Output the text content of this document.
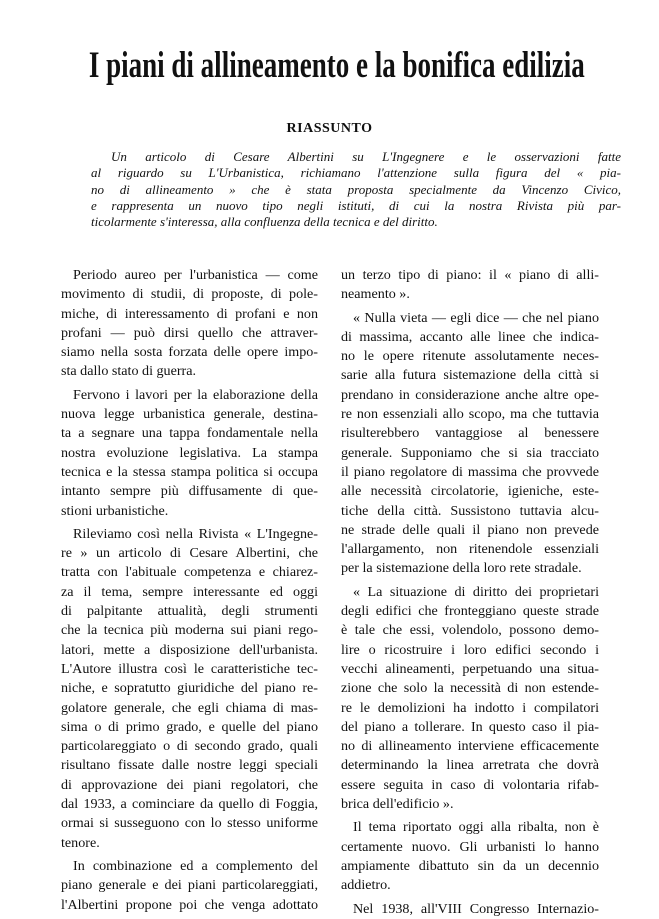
I piani di allineamento e la bonifica edilizia
RIASSUNTO
Un articolo di Cesare Albertini su L'Ingegnere e le osservazioni fatte
al riguardo su L'Urbanistica, richiamano l'attenzione sulla figura del « pia-
no di allineamento » che è stata proposta specialmente da Vincenzo Civico,
e rappresenta un nuovo tipo negli istituti, di cui la nostra Rivista più par-
ticolarmente s'interessa, alla confluenza della tecnica e del diritto.
Periodo aureo per l'urbanistica — come
movimento di studii, di proposte, di pole-
miche, di interessamento di profani e non
profani — può dirsi quello che attraver-
siamo nella sosta forzata delle opere impo-
sta dallo stato di guerra.
Fervono i lavori per la elaborazione della
nuova legge urbanistica generale, destina-
ta a segnare una tappa fondamentale nella
nostra evoluzione legislativa. La stampa
tecnica e la stessa stampa politica si occupa
intanto sempre più diffusamente di que-
stioni urbanistiche.
Rileviamo così nella Rivista « L'Ingegne-
re » un articolo di Cesare Albertini, che
tratta con l'abituale competenza e chiarez-
za il tema, sempre interessante ed oggi
di palpitante attualità, degli strumenti
che la tecnica più moderna sui piani rego-
latori, mette a disposizione dell'urbanista.
L'Autore illustra così le caratteristiche tec-
niche, e sopratutto giuridiche del piano re-
golatore generale, che egli chiama di mas-
sima o di primo grado, e quelle del piano
particolareggiato o di secondo grado, quali
risultano fissate dalle nostre leggi speciali
di approvazione dei piani regolatori, che
dal 1933, a cominciare da quello di Foggia,
ormai si susseguono con lo stesso uniforme
tenore.
In combinazione ed a complemento del
piano generale e dei piani particolareggiati,
l'Albertini propone poi che venga adottato
un terzo tipo di piano: il « piano di alli-
neamento ».
« Nulla vieta — egli dice — che nel piano
di massima, accanto alle linee che indica-
no le opere ritenute assolutamente neces-
sarie alla futura sistemazione della città si
prendano in considerazione anche altre ope-
re non essenziali allo scopo, ma che tuttavia
risulterebbero vantaggiose al benessere
generale. Supponiamo che si sia tracciato
il piano regolatore di massima che provvede
alle necessità circolatorie, igieniche, este-
tiche della città. Sussistono tuttavia alcu-
ne strade delle quali il piano non prevede
l'allargamento, non ritenendole essenziali
per la sistemazione della loro rete stradale.
« La situazione di diritto dei proprietari
degli edifici che fronteggiano queste strade
è tale che essi, volendolo, possono demo-
lire o ricostruire i loro edifici secondo i
vecchi alineamenti, perpetuando una situa-
zione che solo la necessità di non estende-
re le demolizioni ha indotto i compilatori
del piano a tollerare. In questo caso il pia-
no di allineamento interviene efficacemente
determinando la linea arretrata che dovrà
essere seguita in caso di volontaria rifab-
brica dell'edificio ».
Il tema riportato oggi alla ribalta, non è
certamente nuovo. Gli urbanisti lo hanno
ampiamente dibattuto sin da un decennio
addietro.
Nel 1938, all'VIII Congresso Internazio-
